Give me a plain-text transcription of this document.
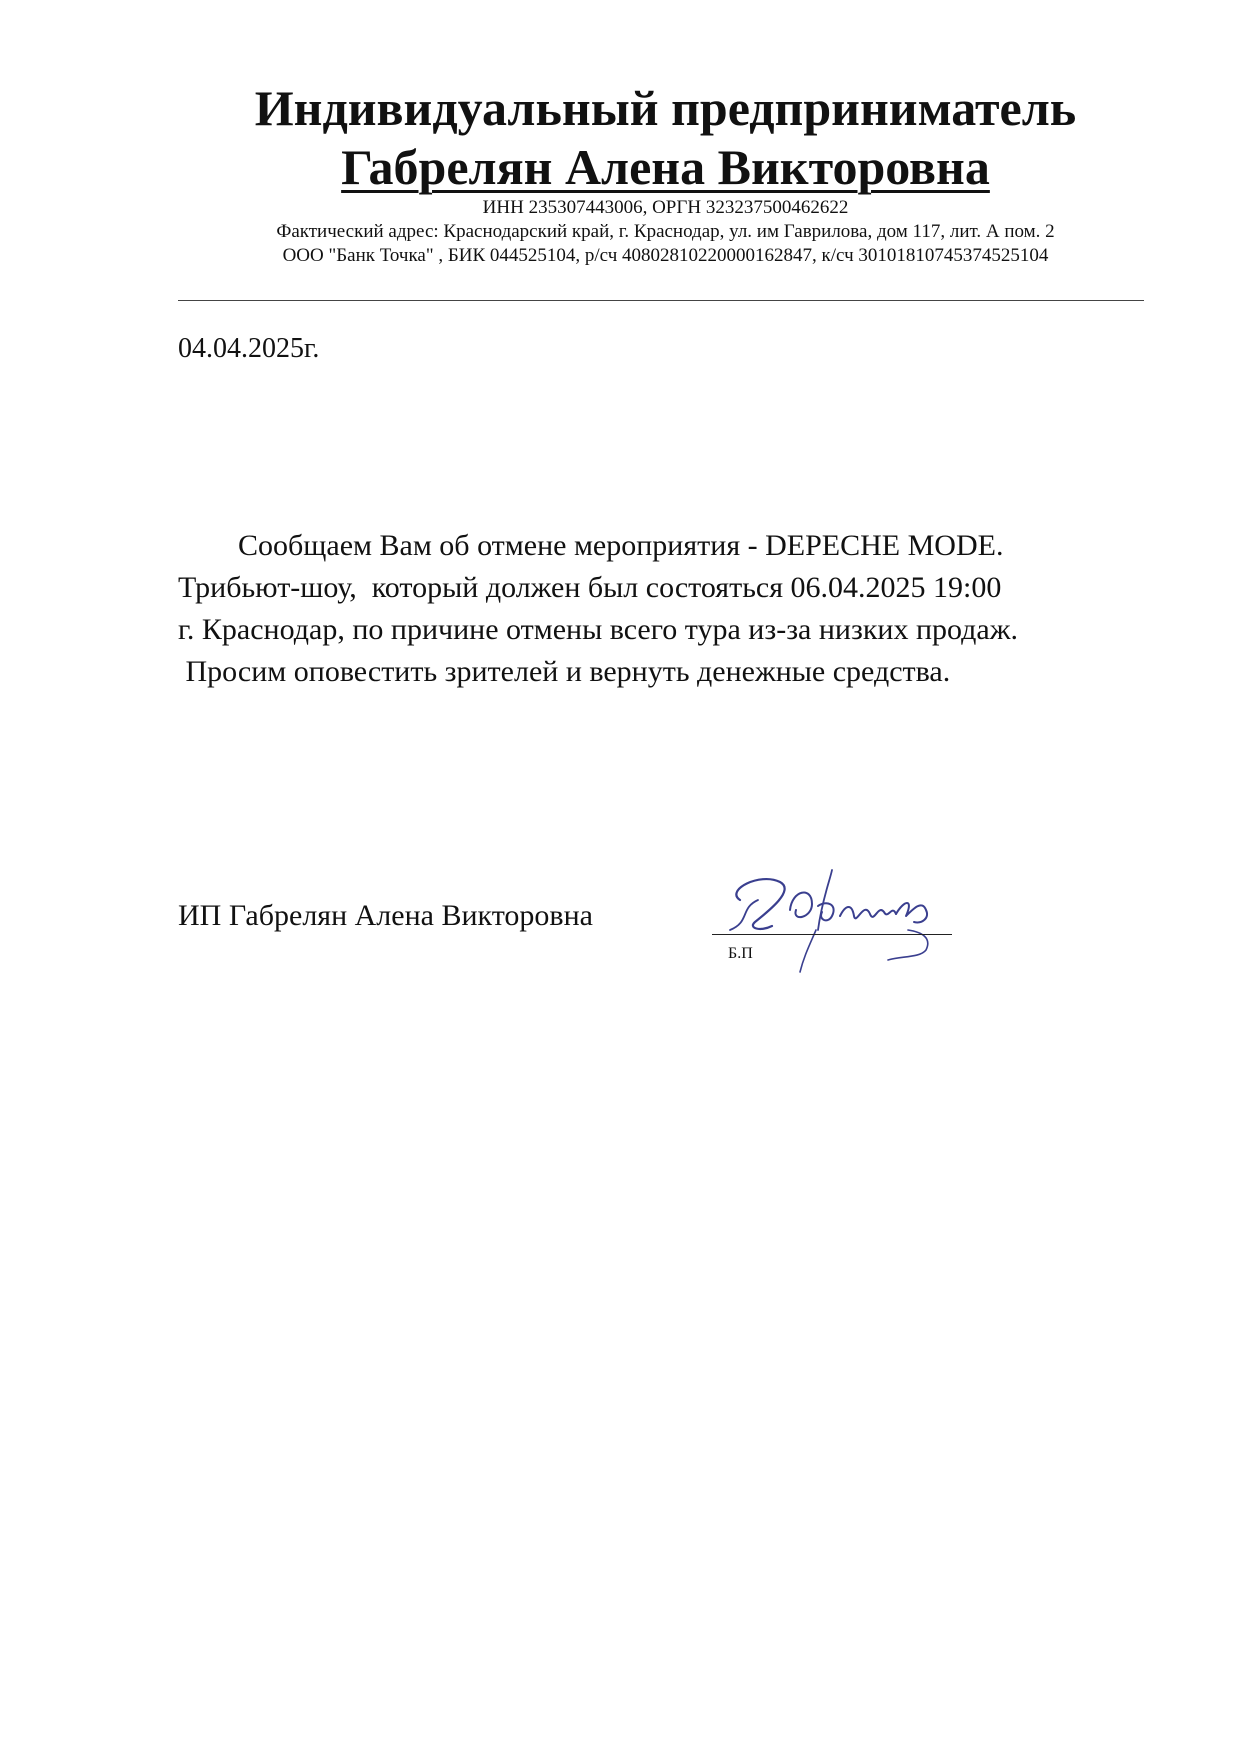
Индивидуальный предприниматель
Габрелян Алена Викторовна
ИНН 235307443006, ОРГН 323237500462622
Фактический адрес: Краснодарский край, г. Краснодар, ул. им Гаврилова, дом 117, лит. А пом. 2
ООО "Банк Точка" , БИК 044525104, р/сч 40802810220000162847, к/сч 30101810745374525104
04.04.2025г.
Сообщаем Вам об отмене мероприятия - DEPECHE MODE.
Трибьют-шоу,  который должен был состояться 06.04.2025 19:00
г. Краснодар, по причине отмены всего тура из-за низких продаж.
Просим оповестить зрителей и вернуть денежные средства.
ИП Габрелян Алена Викторовна
Б.П
